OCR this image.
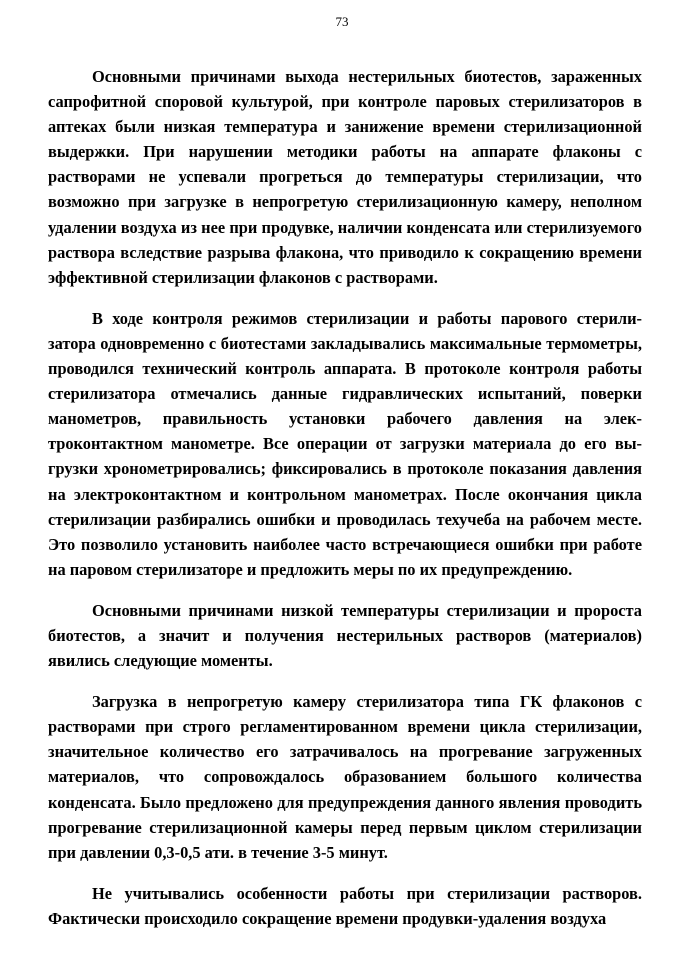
73

Основными причинами выхода нестерильных биотестов, зараженных сапрофитной споровой культурой, при контроле паровых стерилизаторов в аптеках были низкая температура и занижение времени стерилизационной выдержки. При нарушении методики работы на аппарате флаконы с растворами не успевали прогреться до температуры стерилизации, что возможно при загрузке в непрогретую стерилизационную камеру, неполном удалении воздуха из нее при продувке, наличии конденсата или стерилизуемого раствора вследствие разрыва флакона, что приводило к сокращению времени эффективной стерилизации флаконов с растворами.

В ходе контроля режимов стерилизации и работы парового стерилизатора одновременно с биотестами закладывались максимальные термометры, проводился технический контроль аппарата. В протоколе контроля работы стерилизатора отмечались данные гидравлических испытаний, поверки манометров, правильность установки рабочего давления на электроконтактном манометре. Все операции от загрузки материала до его выгрузки хронометрировались; фиксировались в протоколе показания давления на электроконтактном и контрольном манометрах. После окончания цикла стерилизации разбирались ошибки и проводилась техучеба на рабочем месте. Это позволило установить наиболее часто встречающиеся ошибки при работе на паровом стерилизаторе и предложить меры по их предупреждению.

Основными причинами низкой температуры стерилизации и пророста биотестов, а значит и получения нестерильных растворов (материалов) явились следующие моменты.

Загрузка в непрогретую камеру стерилизатора типа ГК флаконов с растворами при строго регламентированном времени цикла стерилизации, значительное количество его затрачивалось на прогревание загруженных материалов, что сопровождалось образованием большого количества конденсата. Было предложено для предупреждения данного явления проводить прогревание стерилизационной камеры перед первым циклом стерилизации при давлении 0,3-0,5 ати. в течение 3-5 минут.

Не учитывались особенности работы при стерилизации растворов. Фактически происходило сокращение времени продувки-удаления воздуха
